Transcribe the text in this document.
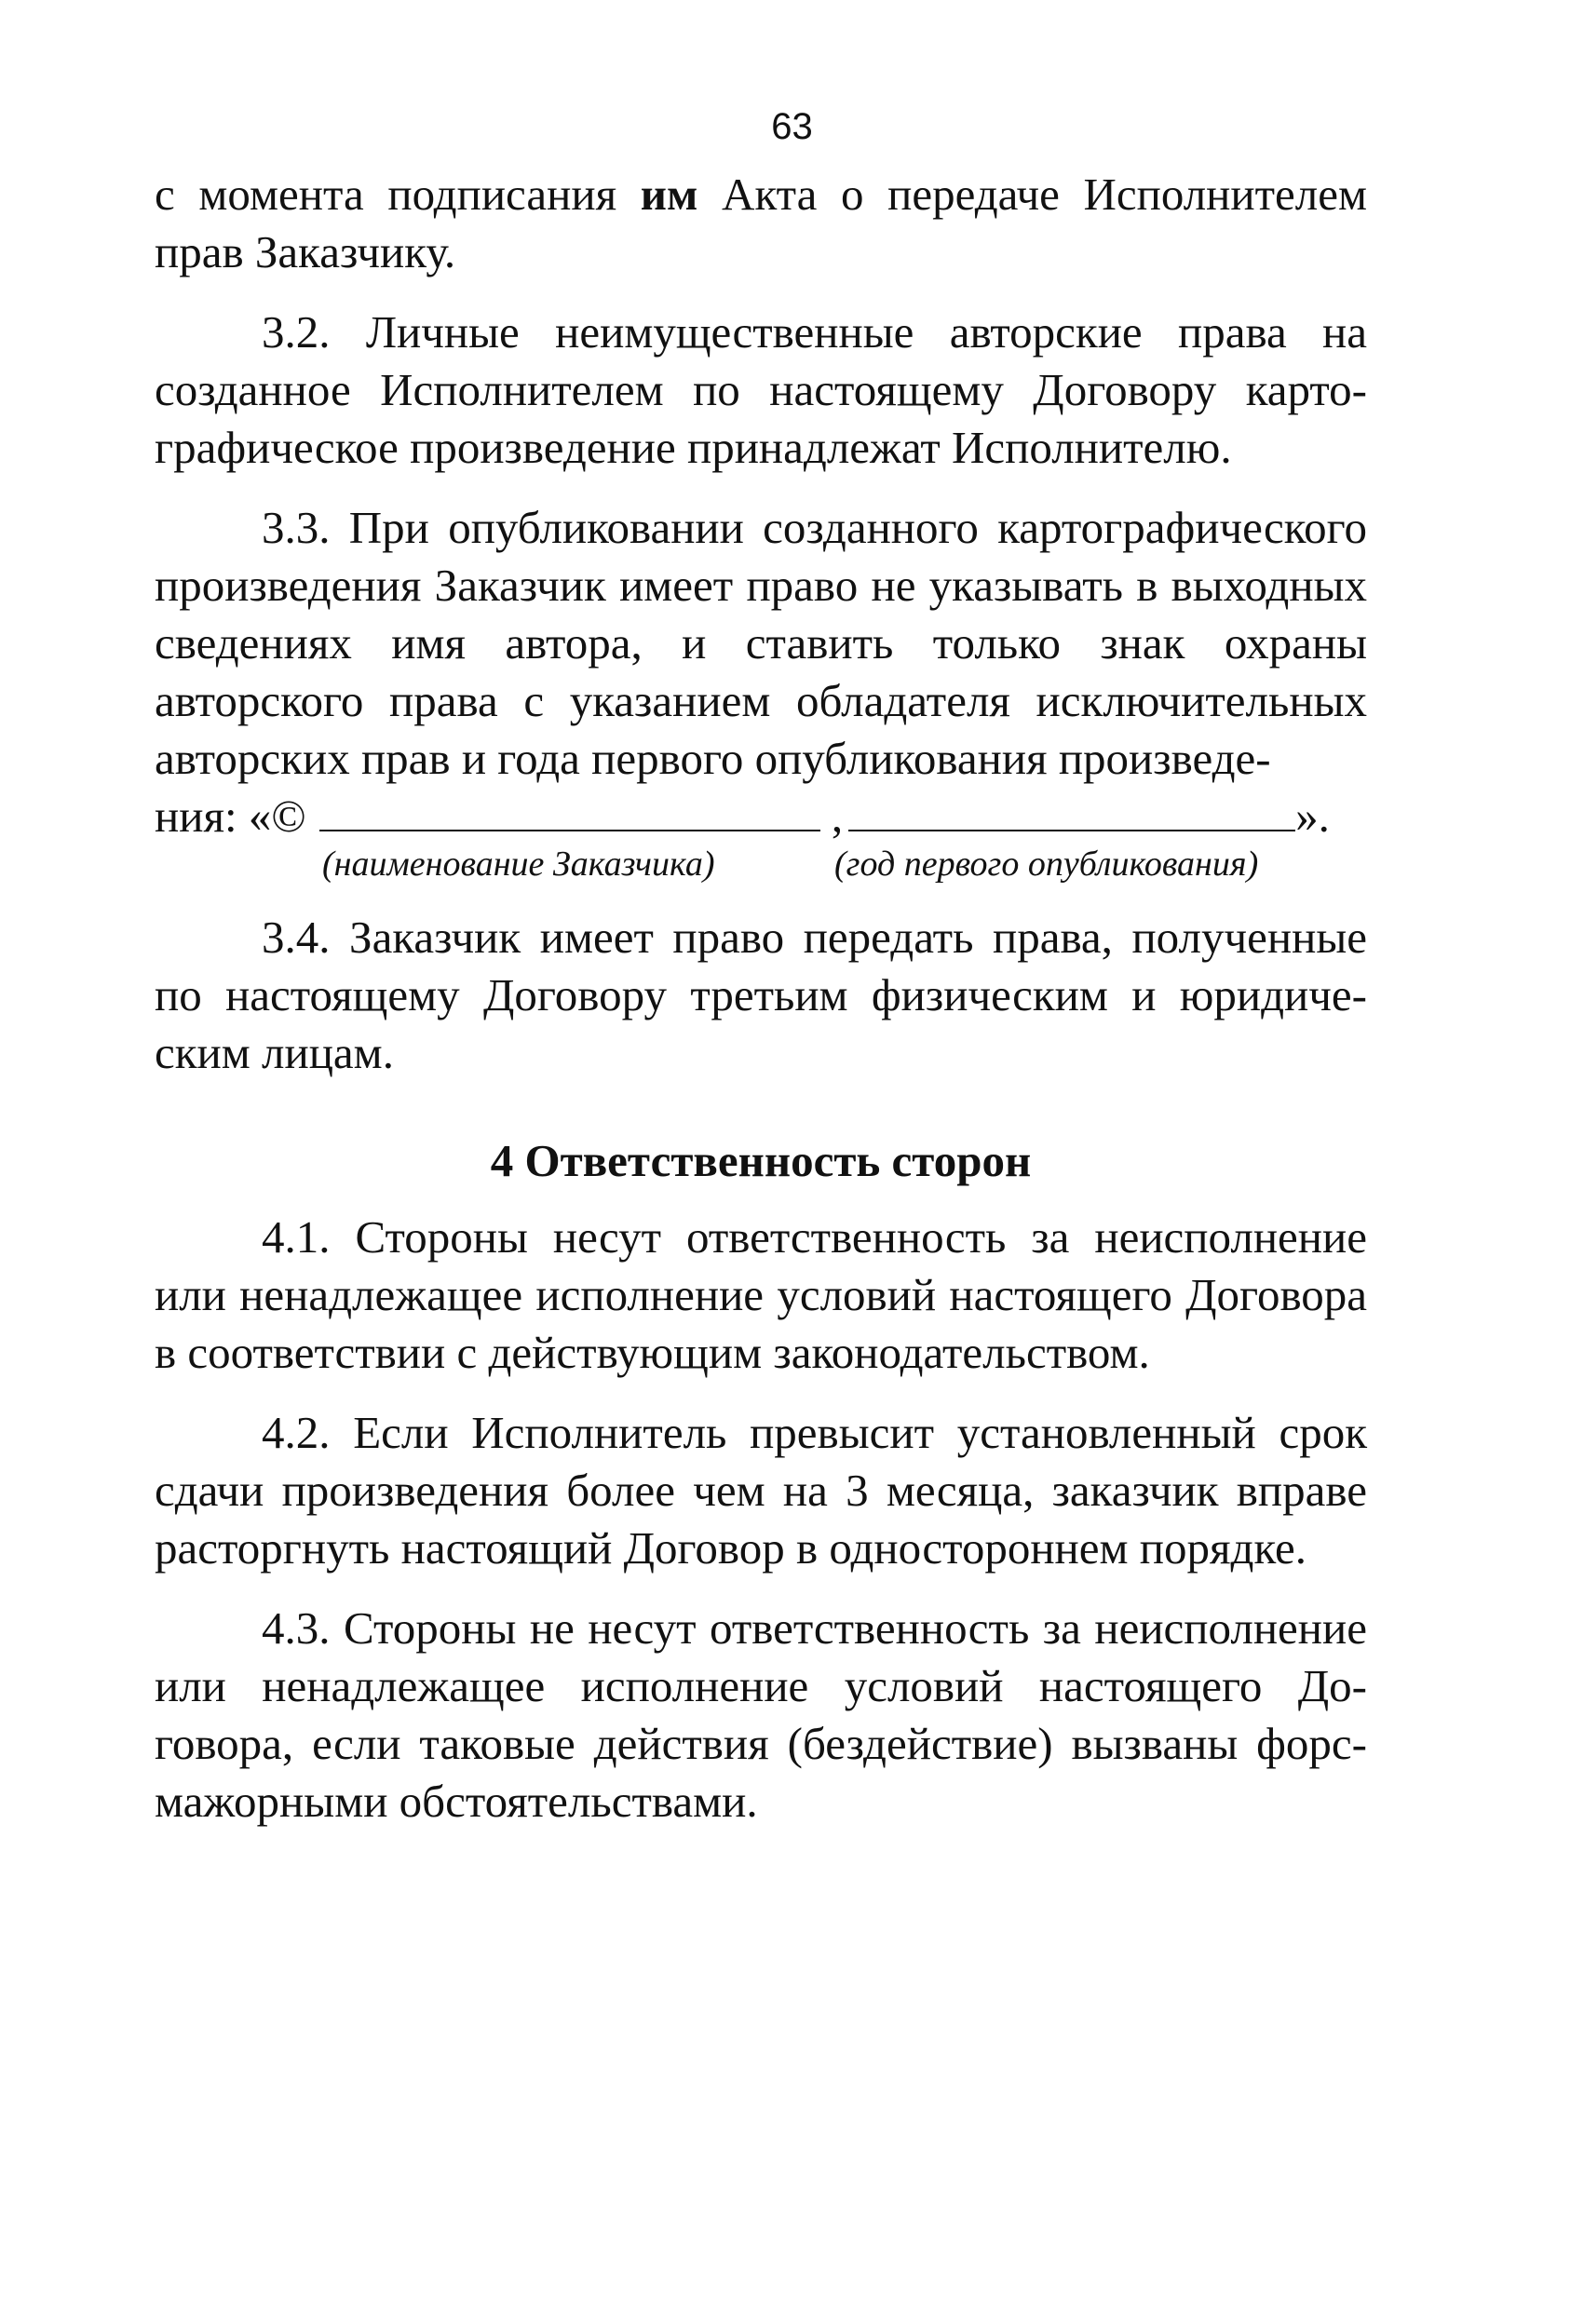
63

с момента подписания им Акта о передаче Исполнителем прав Заказчику.

3.2. Личные неимущественные авторские права на созданное Исполнителем по настоящему Договору картографическое произведение принадлежат Исполнителю.

3.3. При опубликовании созданного картографического произведения Заказчик имеет право не указывать в выходных сведениях имя автора, и ставить только знак охраны авторского права с указанием обладателя исключительных авторских прав и года первого опубликования произведе-

ния: «©	,	».
(наименование Заказчика)	(год первого опубликования)

3.4. Заказчик имеет право передать права, полученные по настоящему Договору третьим физическим и юридическим лицам.

4 Ответственность сторон

4.1. Стороны несут ответственность за неисполнение или ненадлежащее исполнение условий настоящего Договора в соответствии с действующим законодательством.

4.2. Если Исполнитель превысит установленный срок сдачи произведения более чем на 3 месяца, заказчик вправе расторгнуть настоящий Договор в одностороннем порядке.

4.3. Стороны не несут ответственность за неисполнение или ненадлежащее исполнение условий настоящего Договора, если таковые действия (бездействие) вызваны форс-мажорными обстоятельствами.
